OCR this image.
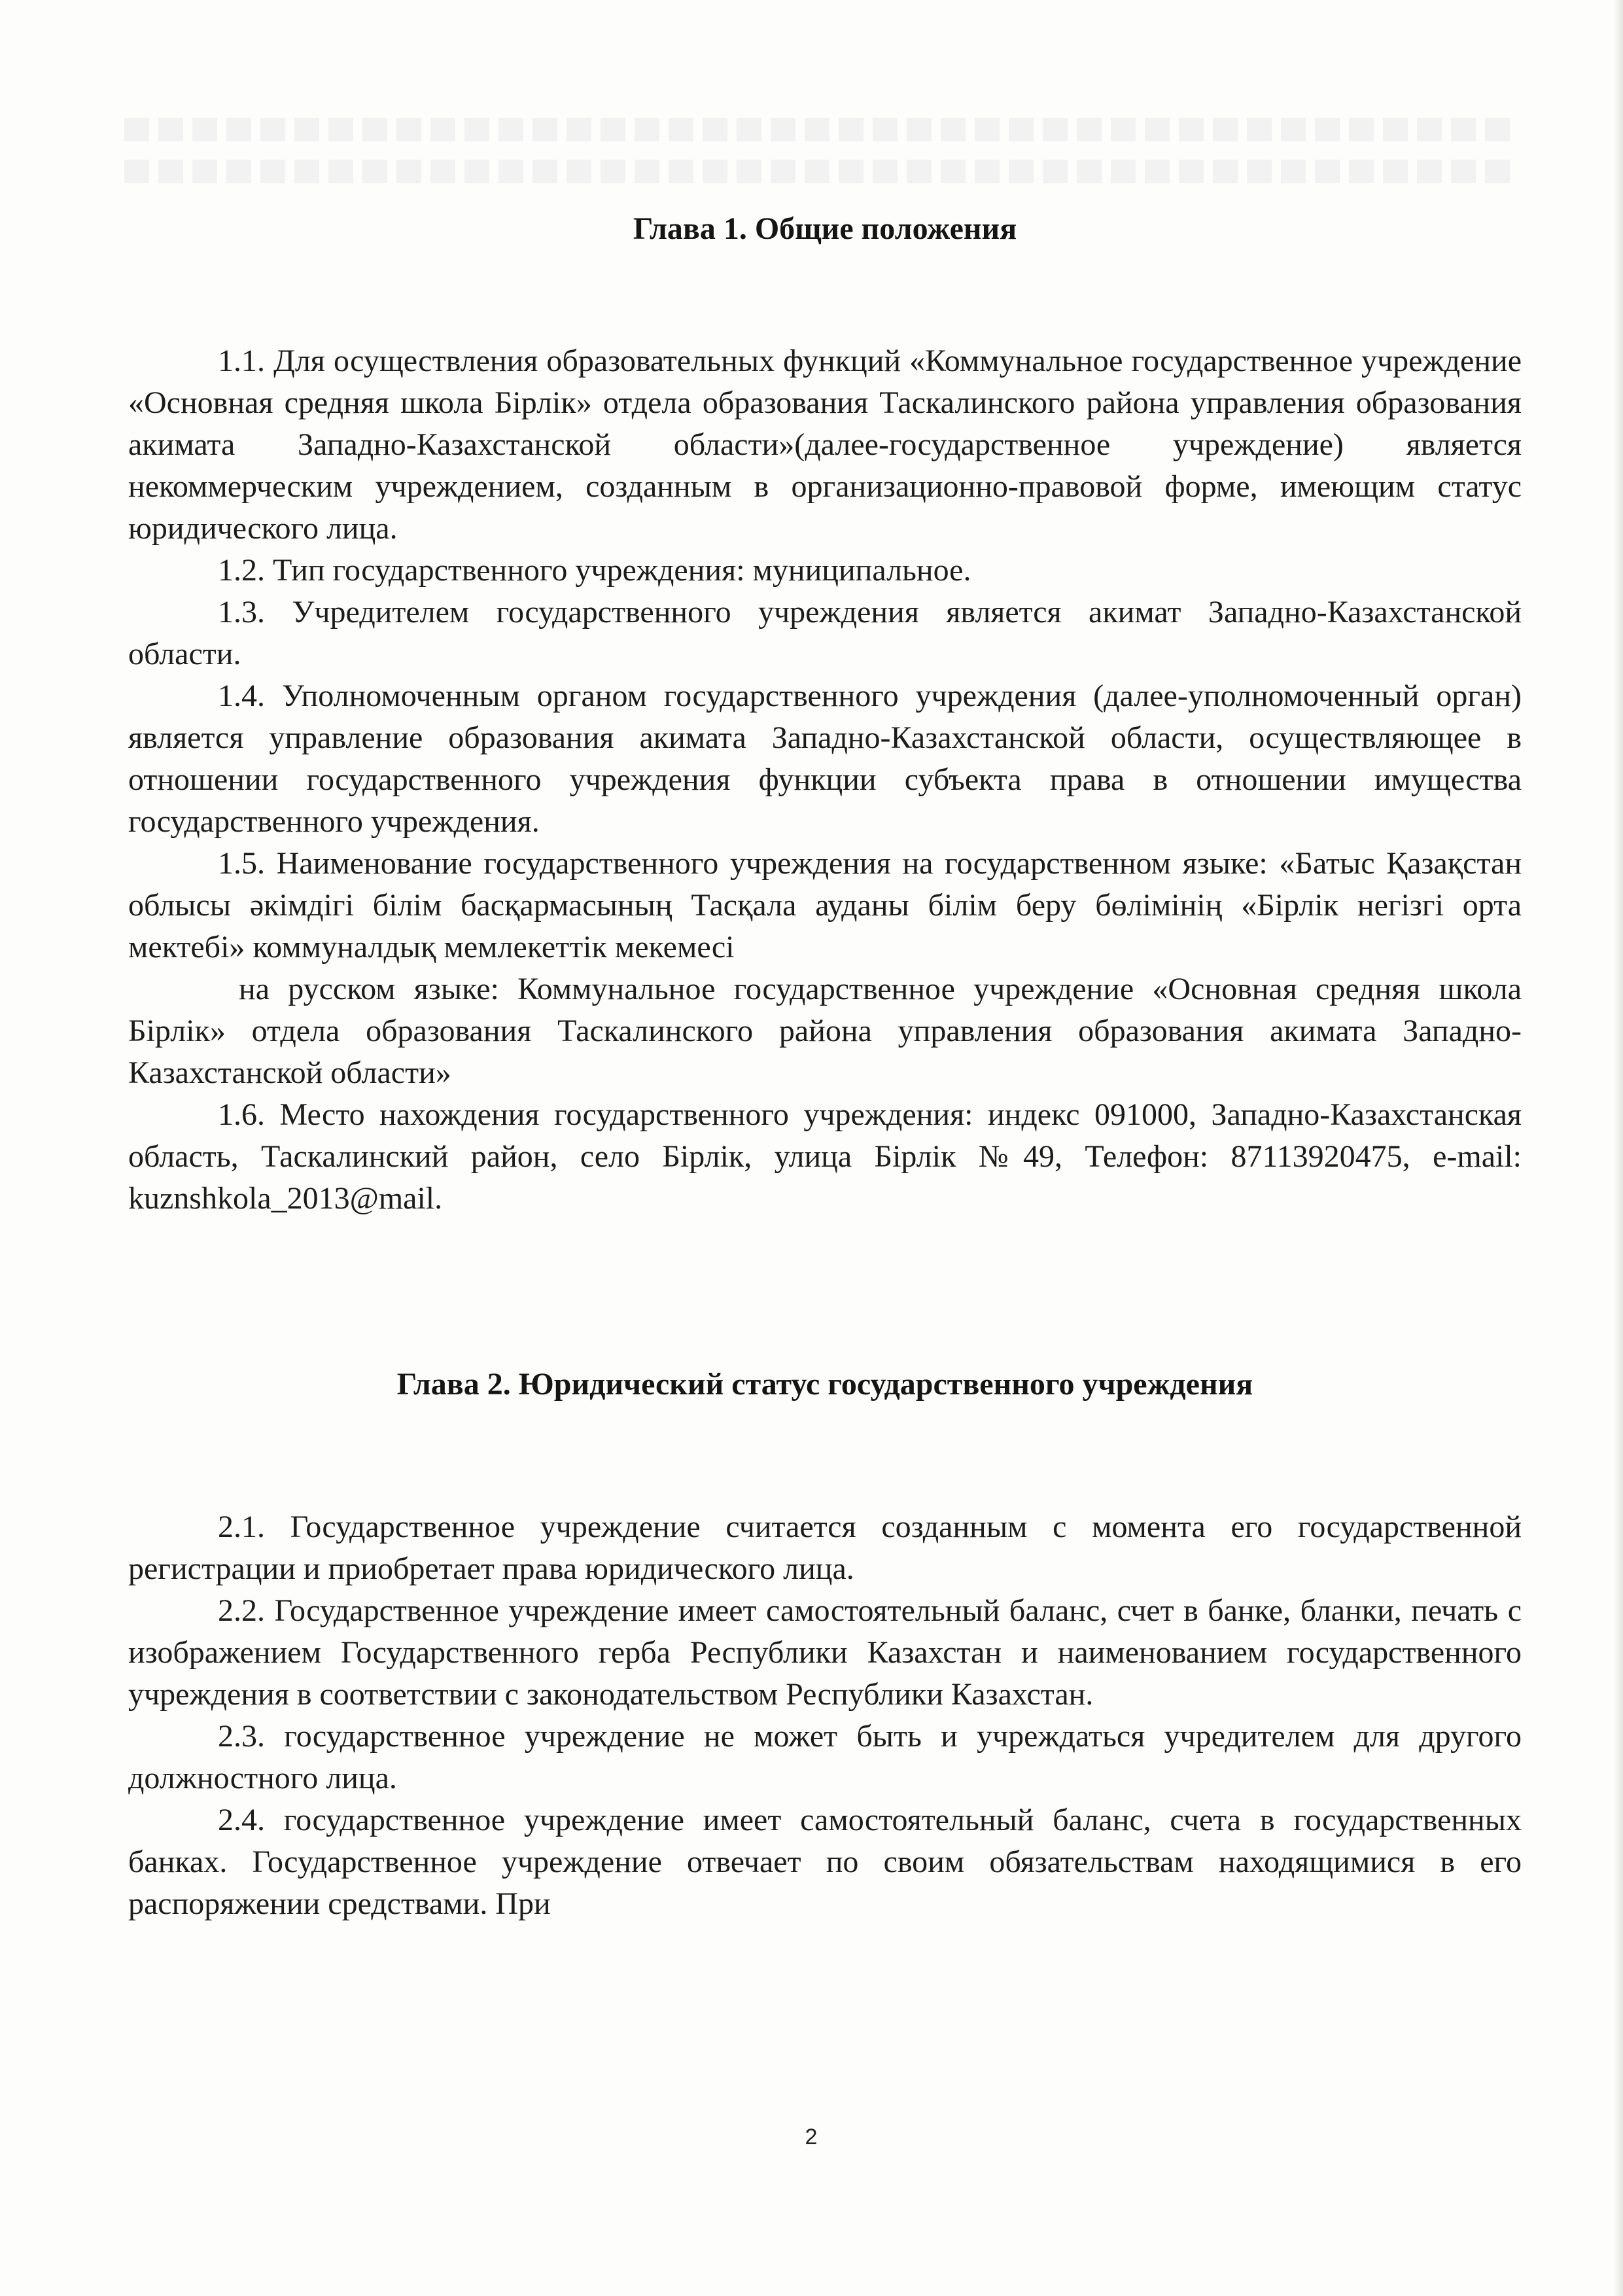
Глава 1. Общие положения

1.1. Для осуществления образовательных функций «Коммунальное государственное учреждение «Основная средняя школа Бірлік» отдела образования Таскалинского района управления образования акимата Западно-Казахстанской области»(далее-государственное учреждение) является некоммерческим учреждением, созданным в организационно-правовой форме, имеющим статус юридического лица.

1.2. Тип государственного учреждения: муниципальное.

1.3. Учредителем государственного учреждения является акимат Западно-Казахстанской области.

1.4. Уполномоченным органом государственного учреждения (далее-уполномоченный орган) является управление образования акимата Западно-Казахстанской области, осуществляющее в отношении государственного учреждения функции субъекта права в отношении имущества государственного учреждения.

1.5. Наименование государственного учреждения на государственном языке: «Батыс Қазақстан облысы әкімдігі білім басқармасының Тасқала ауданы білім беру бөлімінің «Бірлік негізгі орта мектебі» коммуналдық мемлекеттік мекемесі

на русском языке: Коммунальное государственное учреждение «Основная средняя школа Бірлік» отдела образования Таскалинского района управления образования акимата Западно-Казахстанской области»

1.6. Место нахождения государственного учреждения: индекс 091000, Западно-Казахстанская область, Таскалинский район, село Бірлік, улица Бірлік №49, Телефон: 87113920475, e-mail: kuznshkola_2013@mail.

Глава 2. Юридический статус государственного учреждения

2.1. Государственное учреждение считается созданным с момента его государственной регистрации и приобретает права юридического лица.

2.2. Государственное учреждение имеет самостоятельный баланс, счет в банке, бланки, печать с изображением Государственного герба Республики Казахстан и наименованием государственного учреждения в соответствии с законодательством Республики Казахстан.

2.3. государственное учреждение не может быть и учреждаться учредителем для другого должностного лица.

2.4. государственное учреждение имеет самостоятельный баланс, счета в государственных банках. Государственное учреждение отвечает по своим обязательствам находящимися в его распоряжении средствами. При

2
